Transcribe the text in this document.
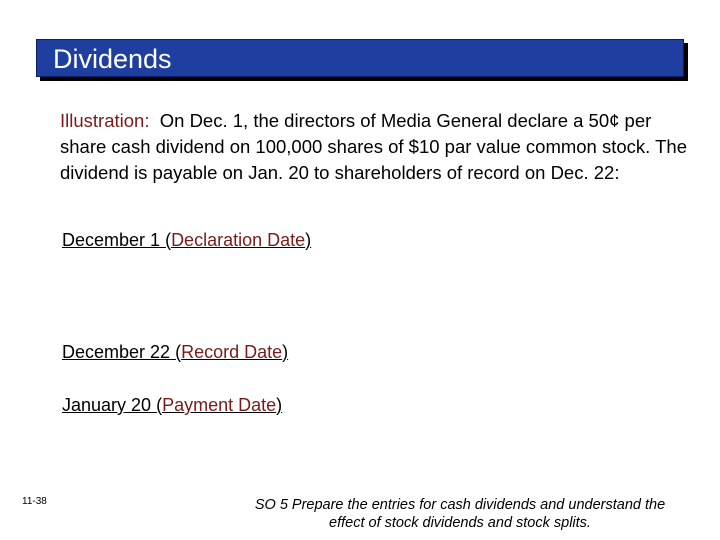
Dividends

Illustration: On Dec. 1, the directors of Media General declare a 50¢ per share cash dividend on 100,000 shares of $10 par value common stock. The dividend is payable on Jan. 20 to shareholders of record on Dec. 22:

December 1 (Declaration Date)
December 22 (Record Date)
January 20 (Payment Date)
11-38	SO 5 Prepare the entries for cash dividends and understand the
effect of stock dividends and stock splits.
